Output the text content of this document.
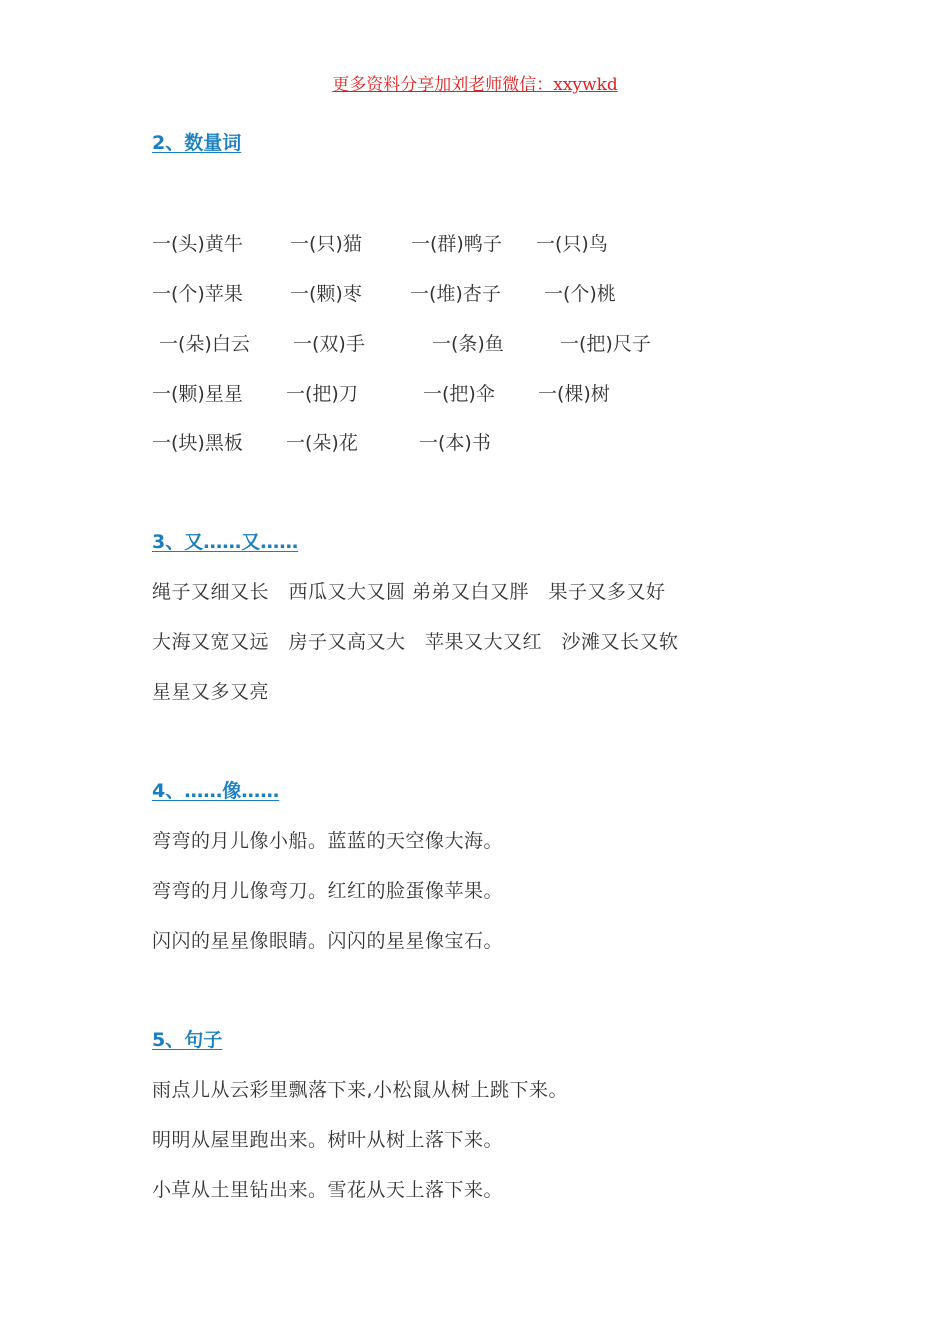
更多资料分享加刘老师微信：xxywkd
2、数量词
一(头)黄牛 一(只)猫	一(群)鸭子 一(只)鸟
一(个)苹果 一(颗)枣	一(堆)杏子 一(个)桃
一(朵)白云 一(双)手	一(条)鱼	一(把)尺子
一(颗)星星 一(把)刀	一(把)伞 一(棵)树
一(块)黑板 一(朵)花	一(本)书
3、又……又……
绳子又细又长　西瓜又大又圆 弟弟又白又胖　果子又多又好
大海又宽又远　房子又高又大　苹果又大又红　沙滩又长又软
星星又多又亮
4、……像……
弯弯的月儿像小船。蓝蓝的天空像大海。
弯弯的月儿像弯刀。红红的脸蛋像苹果。
闪闪的星星像眼睛。闪闪的星星像宝石。
5、句子
雨点儿从云彩里飘落下来,小松鼠从树上跳下来。
明明从屋里跑出来。树叶从树上落下来。
小草从土里钻出来。雪花从天上落下来。
